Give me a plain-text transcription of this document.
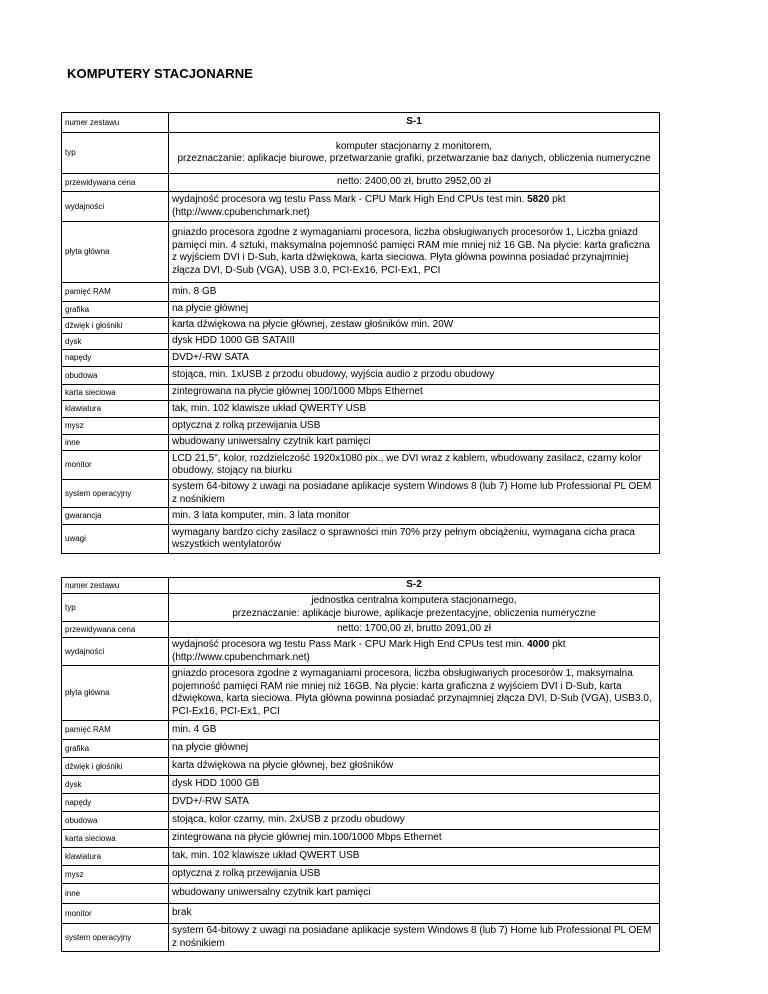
KOMPUTERY STACJONARNE
numer zestawu	S-1
typ	komputer stacjonarny z monitorem,
przeznaczanie: aplikacje biurowe, przetwarzanie grafiki, przetwarzanie baz danych, obliczenia numeryczne
przewidywana cena	netto: 2400,00 zł, brutto 2952,00 zł
wydajności	wydajność procesora wg testu Pass Mark - CPU Mark High End CPUs test min. 5820 pkt (http://www.cpubenchmark.net)
płyta główna	gniazdo procesora zgodne z wymaganiami procesora, liczba obsługiwanych procesorów 1, Liczba gniazd pamięci min. 4 sztuki, maksymalna pojemność pamięci RAM mie mniej niż 16 GB. Na płycie: karta graficzna z wyjściem DVI i D-Sub, karta dźwiękowa, karta sieciowa. Płyta główna powinna posiadać przynajmniej złącza DVI, D-Sub (VGA), USB 3.0, PCI-Ex16, PCI-Ex1, PCI
pamięć RAM	min. 8 GB
grafika	na płycie głównej
dźwięk i głośniki	karta dźwiękowa na płycie głównej, zestaw głośników min. 20W
dysk	dysk HDD 1000 GB SATAIII
napędy	DVD+/-RW SATA
obudowa	stojąca, min. 1xUSB z przodu obudowy, wyjścia audio z przodu obudowy
karta sieciowa	zintegrowana na płycie głównej 100/1000 Mbps Ethernet
klawiatura	tak, min. 102 klawisze układ QWERTY USB
mysz	optyczna z rolką przewijania USB
inne	wbudowany uniwersalny czytnik kart pamięci
monitor	LCD 21,5", kolor, rozdzielczość 1920x1080 pix., we DVI wraz z kablem, wbudowany zasilacz, czarny kolor obudowy, stojący na biurku
system operacyjny	system 64-bitowy z uwagi na posiadane aplikacje system Windows 8 (lub 7) Home lub Professional PL OEM z nośnikiem
gwarancja	min. 3 lata komputer, min. 3 lata monitor
uwagi	wymagany bardzo cichy zasilacz o sprawności min 70% przy pełnym obciążeniu, wymagana cicha praca wszystkich wentylatorów
numer zestawu	S-2
typ	jednostka centralna komputera stacjonarnego,
przeznaczanie: aplikacje biurowe, aplikacje prezentacyjne, obliczenia numeryczne
przewidywana cena	netto: 1700,00 zł, brutto 2091,00 zł
wydajności	wydajność procesora wg testu Pass Mark - CPU Mark High End CPUs test min. 4000 pkt (http://www.cpubenchmark.net)
płyta główna	gniazdo procesora zgodne z wymaganiami procesora, liczba obsługiwanych procesorów 1, maksymalna pojemność pamięci RAM nie mniej niż 16GB. Na płycie: karta graficzna z wyjściem DVI i D-Sub, karta dźwiękowa, karta sieciowa. Płyta główna powinna posiadać przynajmniej złącza DVI, D-Sub (VGA), USB3.0, PCI-Ex16, PCI-Ex1, PCI
pamięć RAM	min. 4 GB
grafika	na płycie głównej
dźwięk i głośniki	karta dźwiękowa na płycie głównej, bez głośników
dysk	dysk HDD 1000 GB
napędy	DVD+/-RW SATA
obudowa	stojąca, kolor czarny, min. 2xUSB z przodu obudowy
karta sieciowa	zintegrowana na płycie głównej min.100/1000 Mbps Ethernet
klawiatura	tak, min. 102 klawisze układ QWERT USB
mysz	optyczna z rolką przewijania USB
inne	wbudowany uniwersalny czytnik kart pamięci
monitor	brak
system operacyjny	system 64-bitowy z uwagi na posiadane aplikacje system Windows 8 (lub 7) Home lub Professional PL OEM z nośnikiem
